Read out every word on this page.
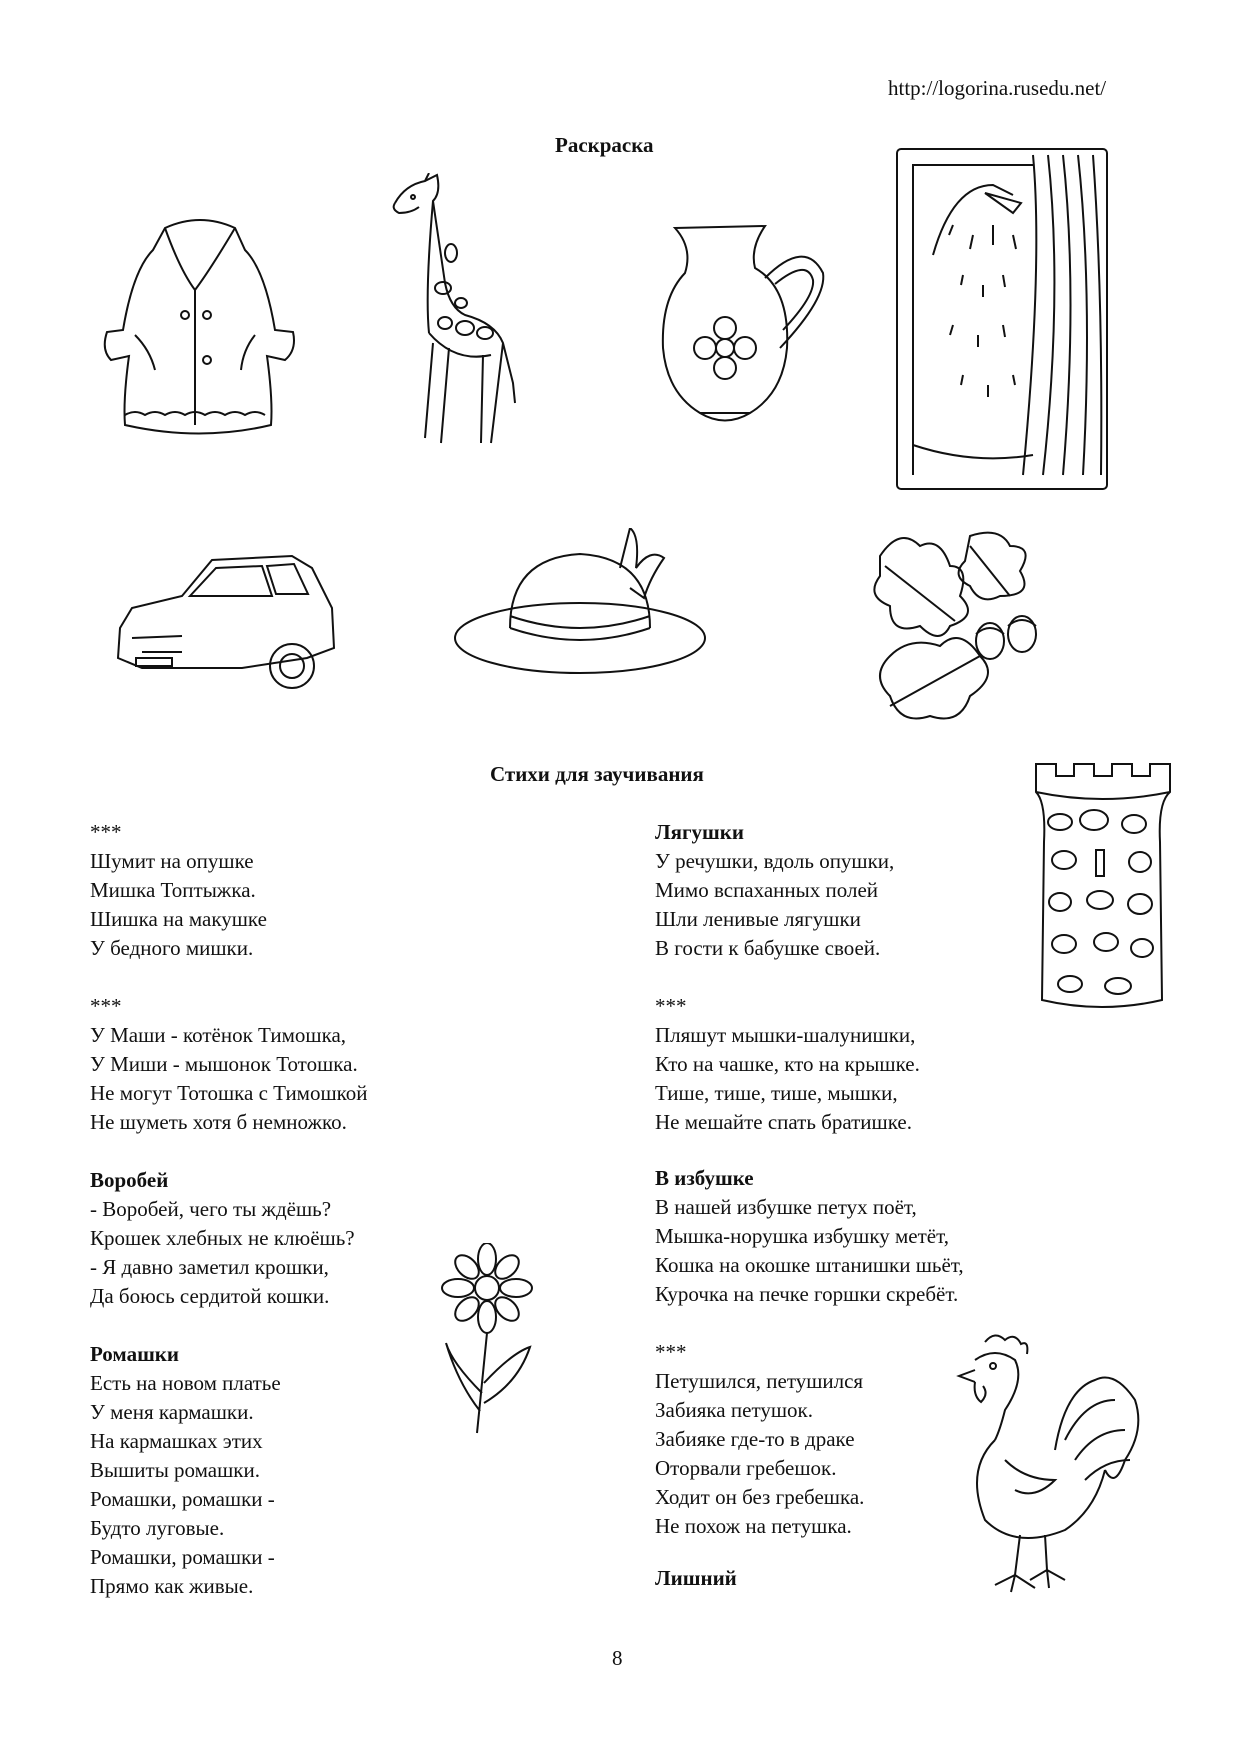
http://logorina.rusedu.net/
Раскраска
Стихи для заучивания
***
Шумит на опушке
Мишка Топтыжка.
Шишка на макушке
У бедного мишки.
***
У Маши - котёнок Тимошка,
У Миши - мышонок Тотошка.
Не могут Тотошка с Тимошкой
Не шуметь хотя б немножко.
Воробей
- Воробей, чего ты ждёшь?
Крошек хлебных не клюёшь?
- Я давно заметил крошки,
Да боюсь сердитой кошки.
Ромашки
Есть на новом платье
У меня кармашки.
На кармашках этих
Вышиты ромашки.
Ромашки, ромашки -
Будто луговые.
Ромашки, ромашки -
Прямо как живые.
Лягушки
У речушки, вдоль опушки,
Мимо вспаханных полей
Шли ленивые лягушки
В гости к бабушке своей.
***
Пляшут мышки-шалунишки,
Кто на чашке, кто на крышке.
Тише, тише, тише, мышки,
Не мешайте спать братишке.
В избушке
В нашей избушке петух поёт,
Мышка-норушка избушку метёт,
Кошка на окошке штанишки шьёт,
Курочка на печке горшки скребёт.
***
Петушился, петушился
Забияка петушок.
Забияке где-то в драке
Оторвали гребешок.
Ходит он без гребешка.
Не похож на петушка.
Лишний
8
